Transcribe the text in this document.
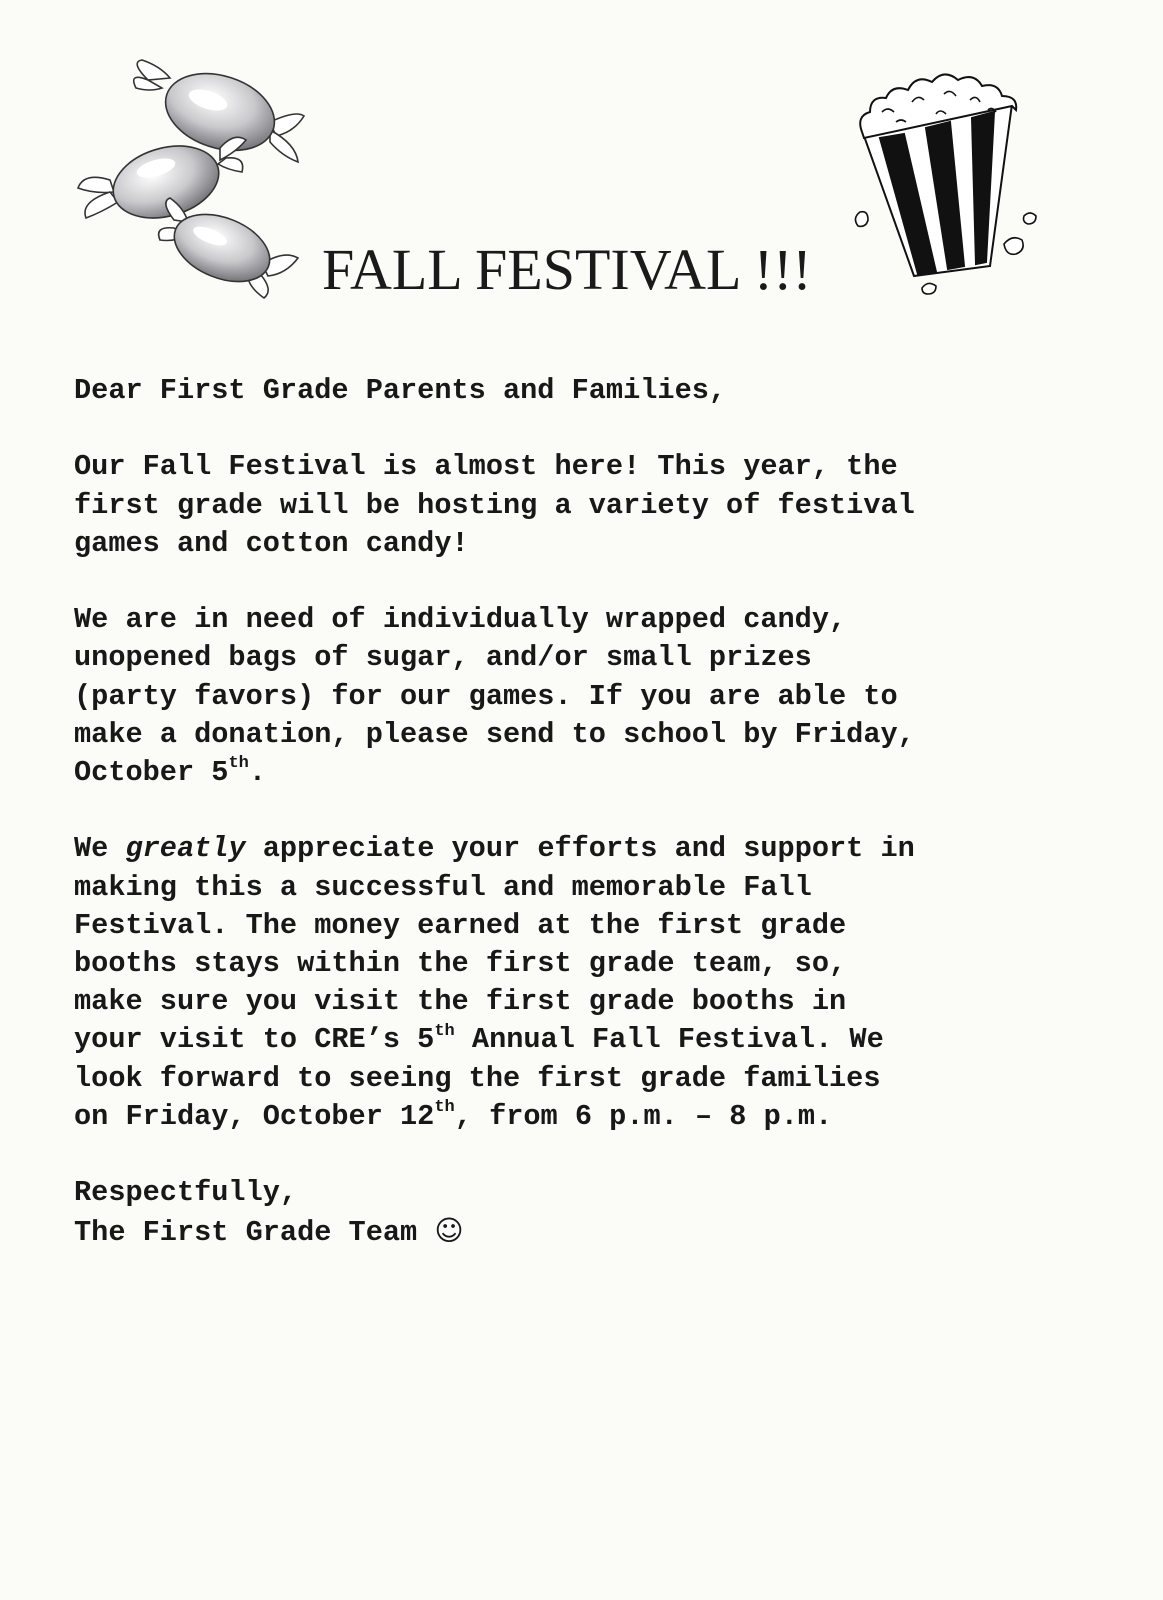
FALL FESTIVAL !!!

Dear First Grade Parents and Families,

Our Fall Festival is almost here! This year, the
first grade will be hosting a variety of festival
games and cotton candy!

We are in need of individually wrapped candy,
unopened bags of sugar, and/or small prizes
(party favors) for our games. If you are able to
make a donation, please send to school by Friday,
October 5th.

We greatly appreciate your efforts and support in
making this a successful and memorable Fall
Festival. The money earned at the first grade
booths stays within the first grade team, so,
make sure you visit the first grade booths in
your visit to CRE’s 5th Annual Fall Festival. We
look forward to seeing the first grade families
on Friday, October 12th, from 6 p.m. – 8 p.m.

Respectfully,

The First Grade Team ☺
